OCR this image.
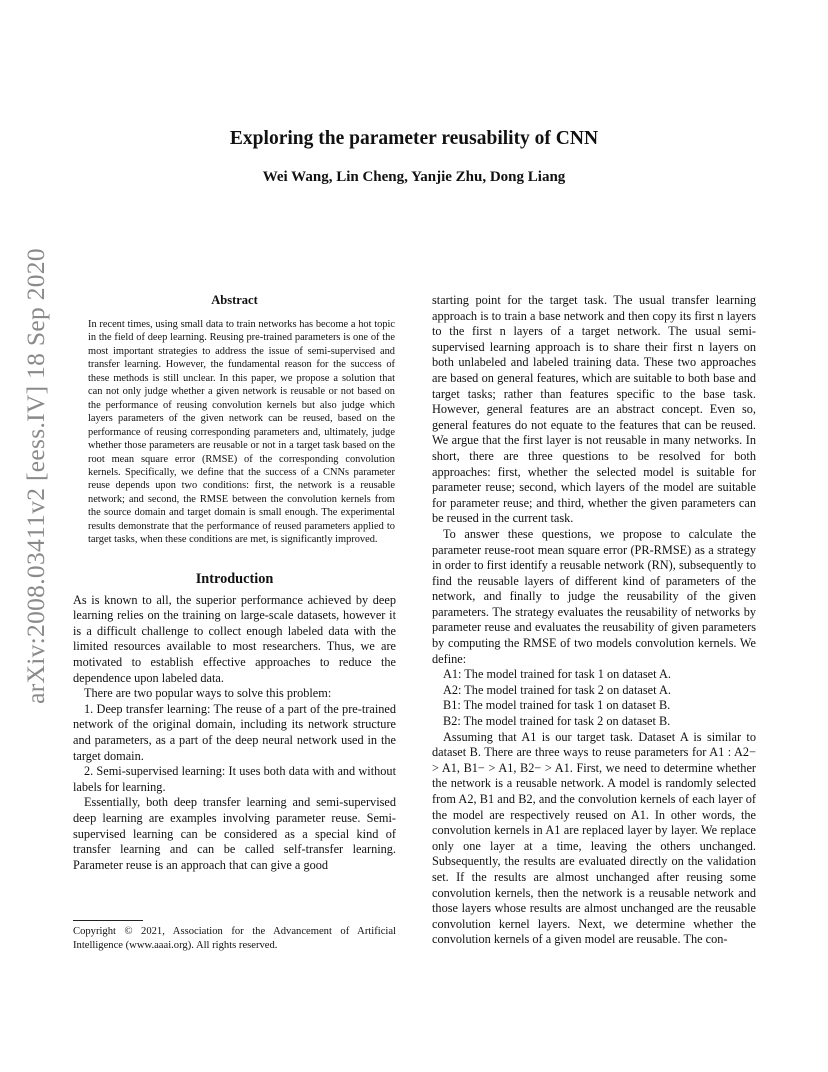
arXiv:2008.03411v2 [eess.IV] 18 Sep 2020
Exploring the parameter reusability of CNN
Wei Wang, Lin Cheng, Yanjie Zhu, Dong Liang
Abstract

In recent times, using small data to train networks has become a hot topic in the field of deep learning. Reusing pre-trained parameters is one of the most important strategies to address the issue of semi-supervised and transfer learning. However, the fundamental reason for the success of these methods is still unclear. In this paper, we propose a solution that can not only judge whether a given network is reusable or not based on the performance of reusing convolution kernels but also judge which layers parameters of the given network can be reused, based on the performance of reusing corresponding parameters and, ultimately, judge whether those parameters are reusable or not in a target task based on the root mean square error (RMSE) of the corresponding convolution kernels. Specifically, we define that the success of a CNNs parameter reuse depends upon two conditions: first, the network is a reusable network; and second, the RMSE between the convolution kernels from the source domain and target domain is small enough. The experimental results demonstrate that the performance of reused parameters applied to target tasks, when these conditions are met, is significantly improved.

Introduction

As is known to all, the superior performance achieved by deep learning relies on the training on large-scale datasets, however it is a difficult challenge to collect enough labeled data with the limited resources available to most researchers. Thus, we are motivated to establish effective approaches to reduce the dependence upon labeled data.

There are two popular ways to solve this problem:

1. Deep transfer learning: The reuse of a part of the pre-trained network of the original domain, including its network structure and parameters, as a part of the deep neural network used in the target domain.

2. Semi-supervised learning: It uses both data with and without labels for learning.

Essentially, both deep transfer learning and semi-supervised deep learning are examples involving parameter reuse. Semi-supervised learning can be considered as a special kind of transfer learning and can be called self-transfer learning. Parameter reuse is an approach that can give a good

Copyright © 2021, Association for the Advancement of Artificial Intelligence (www.aaai.org). All rights reserved.

starting point for the target task. The usual transfer learning approach is to train a base network and then copy its first n layers to the first n layers of a target network. The usual semi-supervised learning approach is to share their first n layers on both unlabeled and labeled training data. These two approaches are based on general features, which are suitable to both base and target tasks; rather than features specific to the base task. However, general features are an abstract concept. Even so, general features do not equate to the features that can be reused. We argue that the first layer is not reusable in many networks. In short, there are three questions to be resolved for both approaches: first, whether the selected model is suitable for parameter reuse; second, which layers of the model are suitable for parameter reuse; and third, whether the given parameters can be reused in the current task.

To answer these questions, we propose to calculate the parameter reuse-root mean square error (PR-RMSE) as a strategy in order to first identify a reusable network (RN), subsequently to find the reusable layers of different kind of parameters of the network, and finally to judge the reusability of the given parameters. The strategy evaluates the reusability of networks by parameter reuse and evaluates the reusability of given parameters by computing the RMSE of two models convolution kernels. We define:

A1: The model trained for task 1 on dataset A.
A2: The model trained for task 2 on dataset A.
B1: The model trained for task 1 on dataset B.
B2: The model trained for task 2 on dataset B.

Assuming that A1 is our target task. Dataset A is similar to dataset B. There are three ways to reuse parameters for A1 : A2− > A1, B1− > A1, B2− > A1. First, we need to determine whether the network is a reusable network. A model is randomly selected from A2, B1 and B2, and the convolution kernels of each layer of the model are respectively reused on A1. In other words, the convolution kernels in A1 are replaced layer by layer. We replace only one layer at a time, leaving the others unchanged. Subsequently, the results are evaluated directly on the validation set. If the results are almost unchanged after reusing some convolution kernels, then the network is a reusable network and those layers whose results are almost unchanged are the reusable convolution kernel layers. Next, we determine whether the convolution kernels of a given model are reusable. The con-
